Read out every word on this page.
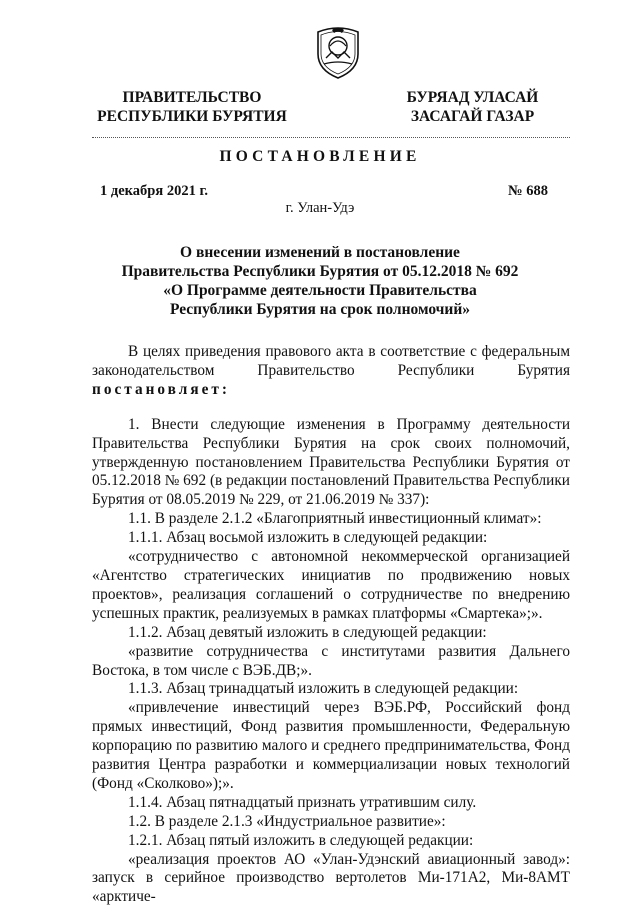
ПРАВИТЕЛЬСТВО
РЕСПУБЛИКИ БУРЯТИЯ
БУРЯАД УЛАСАЙ
ЗАСАГАЙ ГАЗАР
ПОСТАНОВЛЕНИЕ
1 декабря 2021 г.	№ 688
г. Улан-Удэ
О внесении изменений в постановление
Правительства Республики Бурятия от 05.12.2018 № 692
«О Программе деятельности Правительства
Республики Бурятия на срок полномочий»

В целях приведения правового акта в соответствие с федеральным законодательством Правительство Республики Бурятия постановляет:

1. Внести следующие изменения в Программу деятельности Правительства Республики Бурятия на срок своих полномочий, утвержденную постановлением Правительства Республики Бурятия от 05.12.2018 № 692 (в редакции постановлений Правительства Республики Бурятия от 08.05.2019 № 229, от 21.06.2019 № 337):

1.1. В разделе 2.1.2 «Благоприятный инвестиционный климат»:

1.1.1. Абзац восьмой изложить в следующей редакции:

«сотрудничество с автономной некоммерческой организацией «Агентство стратегических инициатив по продвижению новых проектов», реализация соглашений о сотрудничестве по внедрению успешных практик, реализуемых в рамках платформы «Смартека»;».

1.1.2. Абзац девятый изложить в следующей редакции:

«развитие сотрудничества с институтами развития Дальнего Востока, в том числе с ВЭБ.ДВ;».

1.1.3. Абзац тринадцатый изложить в следующей редакции:

«привлечение инвестиций через ВЭБ.РФ, Российский фонд прямых инвестиций, Фонд развития промышленности, Федеральную корпорацию по развитию малого и среднего предпринимательства, Фонд развития Центра разработки и коммерциализации новых технологий (Фонд «Сколково»);».

1.1.4. Абзац пятнадцатый признать утратившим силу.

1.2. В разделе 2.1.3 «Индустриальное развитие»:

1.2.1. Абзац пятый изложить в следующей редакции:

«реализация проектов АО «Улан-Удэнский авиационный завод»: запуск в серийное производство вертолетов Ми-171А2, Ми-8АМТ «арктиче-
